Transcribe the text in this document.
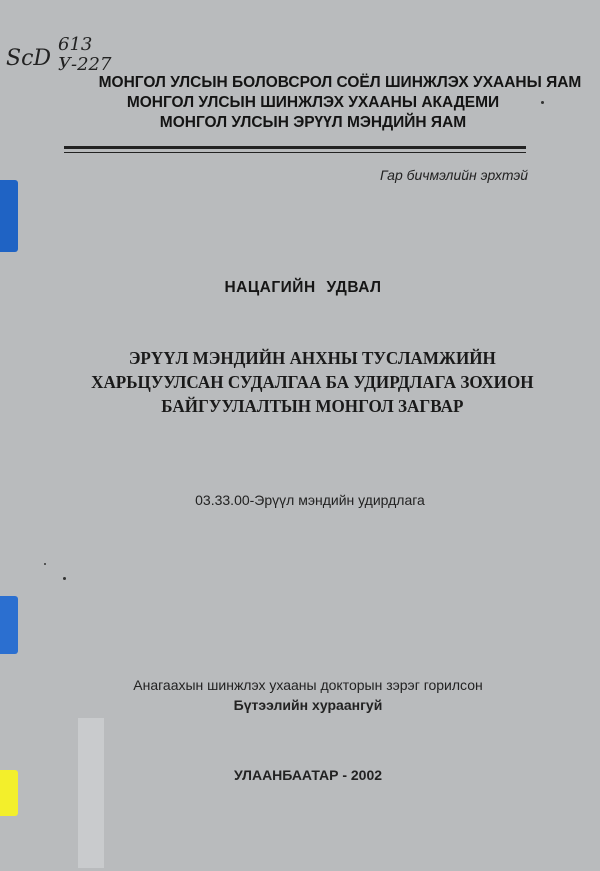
ScD
613
У-227
МОНГОЛ УЛСЫН БОЛОВСРОЛ СОЁЛ ШИНЖЛЭХ УХААНЫ ЯАМ
МОНГОЛ УЛСЫН ШИНЖЛЭХ УХААНЫ АКАДЕМИ
МОНГОЛ УЛСЫН ЭРҮҮЛ МЭНДИЙН ЯАМ
Гар бичмэлийн эрхтэй
НАЦАГИЙН УДВАЛ
ЭРҮҮЛ МЭНДИЙН АНХНЫ ТУСЛАМЖИЙН
ХАРЬЦУУЛСАН СУДАЛГАА БА УДИРДЛАГА ЗОХИОН
БАЙГУУЛАЛТЫН МОНГОЛ ЗАГВАР
03.33.00-Эрүүл мэндийн удирдлага
Анагаахын шинжлэх ухааны докторын зэрэг горилсон
Бүтээлийн хураангуй
УЛААНБААТАР - 2002
